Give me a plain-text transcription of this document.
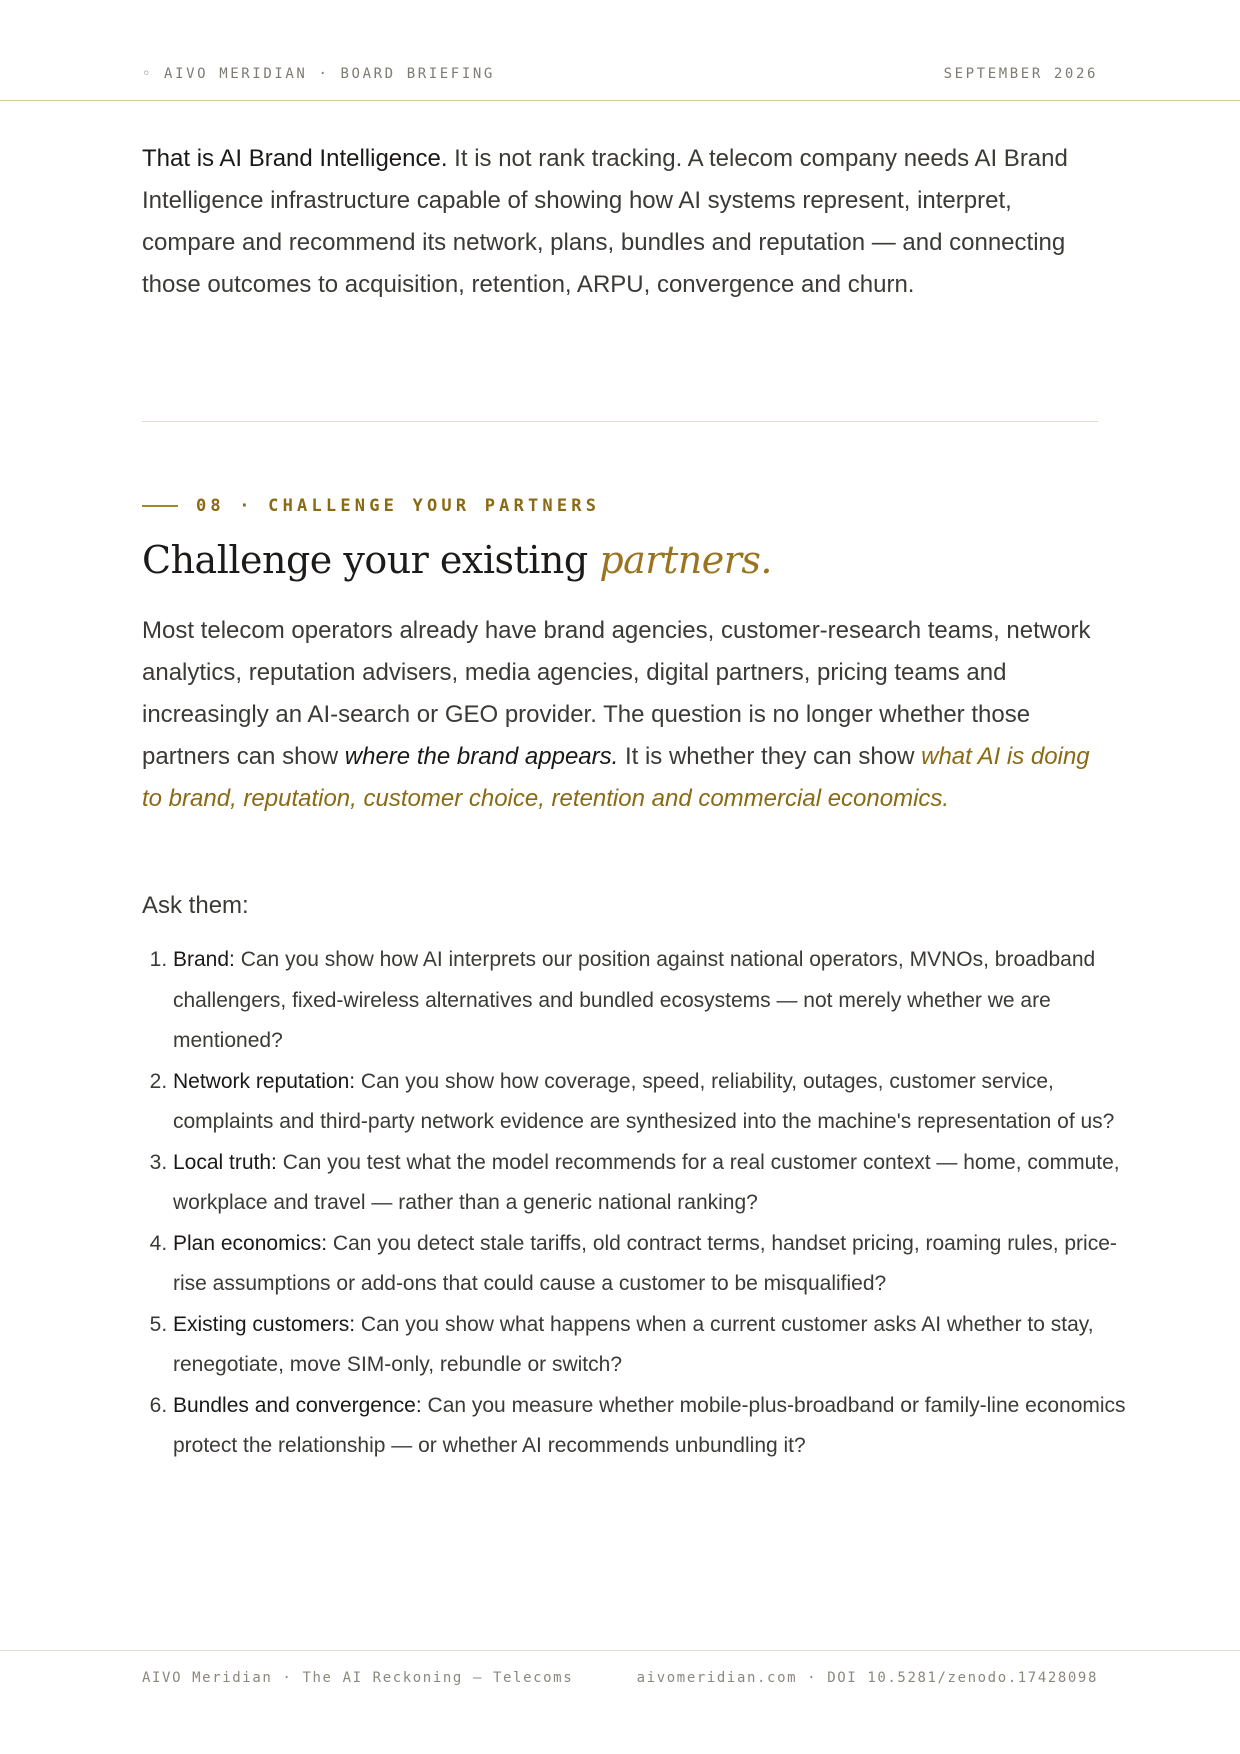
◦ AIVO MERIDIAN · BOARD BRIEFING	SEPTEMBER 2026

That is AI Brand Intelligence. It is not rank tracking. A telecom company needs AI Brand Intelligence infrastructure capable of showing how AI systems represent, interpret, compare and recommend its network, plans, bundles and reputation — and connecting those outcomes to acquisition, retention, ARPU, convergence and churn.

08 · CHALLENGE YOUR PARTNERS
Challenge your existing partners.

Most telecom operators already have brand agencies, customer-research teams, network analytics, reputation advisers, media agencies, digital partners, pricing teams and increasingly an AI-search or GEO provider. The question is no longer whether those partners can show where the brand appears. It is whether they can show what AI is doing to brand, reputation, customer choice, retention and commercial economics.

Ask them:

1. Brand: Can you show how AI interprets our position against national operators, MVNOs, broadband challengers, fixed-wireless alternatives and bundled ecosystems — not merely whether we are mentioned?
2. Network reputation: Can you show how coverage, speed, reliability, outages, customer service, complaints and third-party network evidence are synthesized into the machine's representation of us?
3. Local truth: Can you test what the model recommends for a real customer context — home, commute, workplace and travel — rather than a generic national ranking?
4. Plan economics: Can you detect stale tariffs, old contract terms, handset pricing, roaming rules, price-rise assumptions or add-ons that could cause a customer to be misqualified?
5. Existing customers: Can you show what happens when a current customer asks AI whether to stay, renegotiate, move SIM-only, rebundle or switch?
6. Bundles and convergence: Can you measure whether mobile-plus-broadband or family-line economics protect the relationship — or whether AI recommends unbundling it?
AIVO Meridian · The AI Reckoning — Telecoms	aivomeridian.com · DOI 10.5281/zenodo.17428098
